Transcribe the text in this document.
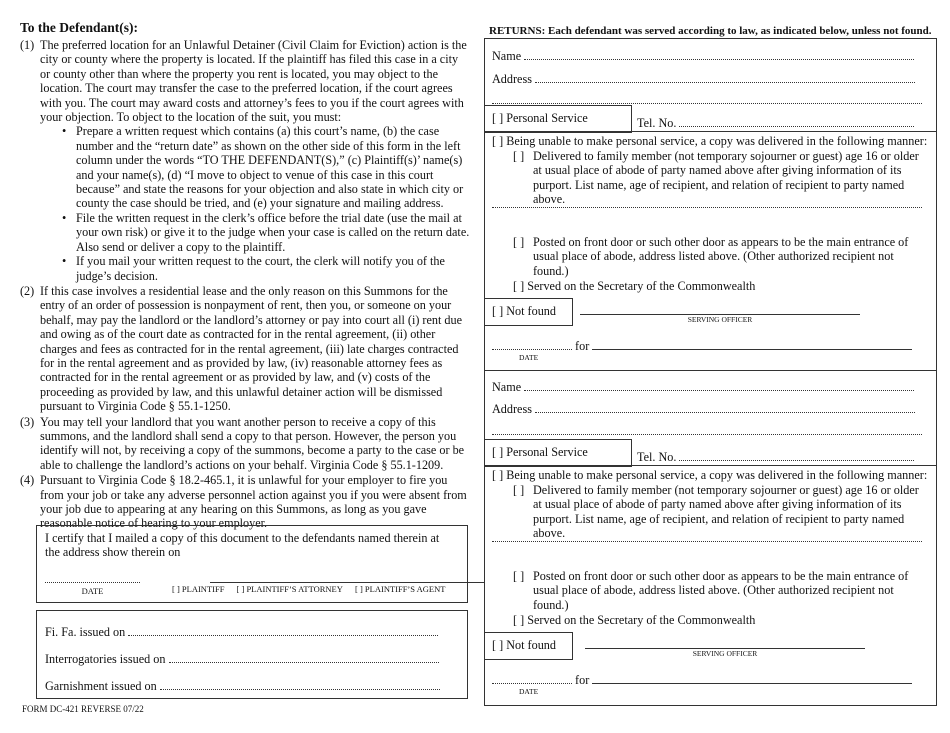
To the Defendant(s):
(1) The preferred location for an Unlawful Detainer (Civil Claim for Eviction) action is the city or county where the property is located. If the plaintiff has filed this case in a city or county other than where the property you rent is located, you may object to the location. The court may transfer the case to the preferred location, if the court agrees with you. The court may award costs and attorney’s fees to you if the court agrees with your objection. To object to the location of the suit, you must:
• Prepare a written request which contains (a) this court’s name, (b) the case number and the “return date” as shown on the other side of this form in the left column under the words “TO THE DEFENDANT(S),” (c) Plaintiff(s)’ name(s) and your name(s), (d) “I move to object to venue of this case in this court because” and state the reasons for your objection and also state in which city or county the case should be tried, and (e) your signature and mailing address.
• File the written request in the clerk’s office before the trial date (use the mail at your own risk) or give it to the judge when your case is called on the return date. Also send or deliver a copy to the plaintiff.
• If you mail your written request to the court, the clerk will notify you of the judge’s decision.
(2) If this case involves a residential lease and the only reason on this Summons for the entry of an order of possession is nonpayment of rent, then you, or someone on your behalf, may pay the landlord or the landlord’s attorney or pay into court all (i) rent due and owing as of the court date as contracted for in the rental agreement, (ii) other charges and fees as contracted for in the rental agreement, (iii) late charges contracted for in the rental agreement and as provided by law, (iv) reasonable attorney fees as contracted for in the rental agreement or as provided by law, and (v) costs of the proceeding as provided by law, and this unlawful detainer action will be dismissed pursuant to Virginia Code § 55.1-1250.
(3) You may tell your landlord that you want another person to receive a copy of this summons, and the landlord shall send a copy to that person. However, the person you identify will not, by receiving a copy of the summons, become a party to the case or be able to challenge the landlord’s actions on your behalf. Virginia Code § 55.1-1209.
(4) Pursuant to Virginia Code § 18.2-465.1, it is unlawful for your employer to fire you from your job or take any adverse personnel action against you if you were absent from your job due to appearing at any hearing on this Summons, as long as you gave reasonable notice of hearing to your employer.
I certify that I mailed a copy of this document to the defendants named therein at the address show therein on
DATE	[ ] PLAINTIFF [ ] PLAINTIFF’S ATTORNEY [ ] PLAINTIFF’S AGENT
Fi. Fa. issued on
Interrogatories issued on
Garnishment issued on
FORM DC-421 REVERSE 07/22
RETURNS: Each defendant was served according to law, as indicated below, unless not found.
Name
Address
[ ] Personal Service	Tel. No.
[ ] Being unable to make personal service, a copy was delivered in the following manner:
[ ] Delivered to family member (not temporary sojourner or guest) age 16 or older at usual place of abode of party named above after giving information of its purport. List name, age of recipient, and relation of recipient to party named above.
[ ] Posted on front door or such other door as appears to be the main entrance of usual place of abode, address listed above. (Other authorized recipient not found.)
[ ] Served on the Secretary of the Commonwealth
[ ] Not found
SERVING OFFICER
for
DATE
Name
Address
[ ] Personal Service	Tel. No.
[ ] Being unable to make personal service, a copy was delivered in the following manner:
[ ] Delivered to family member (not temporary sojourner or guest) age 16 or older at usual place of abode of party named above after giving information of its purport. List name, age of recipient, and relation of recipient to party named above.
[ ] Posted on front door or such other door as appears to be the main entrance of usual place of abode, address listed above. (Other authorized recipient not found.)
[ ] Served on the Secretary of the Commonwealth
[ ] Not found
SERVING OFFICER
for
DATE
